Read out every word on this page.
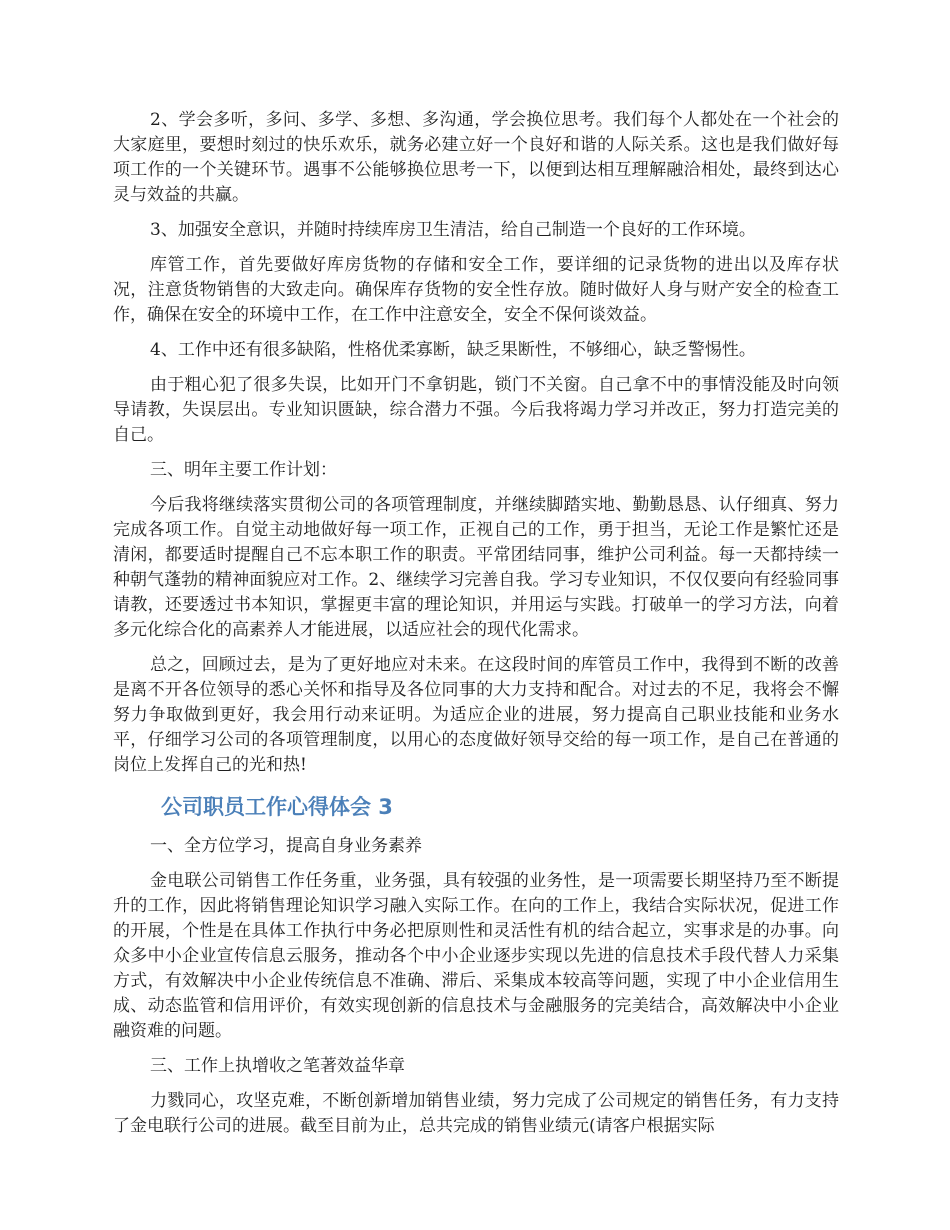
2、学会多听，多问、多学、多想、多沟通，学会换位思考。我们每个人都处在一个社会的大家庭里，要想时刻过的快乐欢乐，就务必建立好一个良好和谐的人际关系。这也是我们做好每项工作的一个关键环节。遇事不公能够换位思考一下，以便到达相互理解融洽相处，最终到达心灵与效益的共赢。

3、加强安全意识，并随时持续库房卫生清洁，给自己制造一个良好的工作环境。

库管工作，首先要做好库房货物的存储和安全工作，要详细的记录货物的进出以及库存状况，注意货物销售的大致走向。确保库存货物的安全性存放。随时做好人身与财产安全的检查工作，确保在安全的环境中工作，在工作中注意安全，安全不保何谈效益。

4、工作中还有很多缺陷，性格优柔寡断，缺乏果断性，不够细心，缺乏警惕性。

由于粗心犯了很多失误，比如开门不拿钥匙，锁门不关窗。自己拿不中的事情没能及时向领导请教，失误层出。专业知识匮缺，综合潜力不强。今后我将竭力学习并改正，努力打造完美的自己。

三、明年主要工作计划：

今后我将继续落实贯彻公司的各项管理制度，并继续脚踏实地、勤勤恳恳、认仔细真、努力完成各项工作。自觉主动地做好每一项工作，正视自己的工作，勇于担当，无论工作是繁忙还是清闲，都要适时提醒自己不忘本职工作的职责。平常团结同事，维护公司利益。每一天都持续一种朝气蓬勃的精神面貌应对工作。2、继续学习完善自我。学习专业知识，不仅仅要向有经验同事请教，还要透过书本知识，掌握更丰富的理论知识，并用运与实践。打破单一的学习方法，向着多元化综合化的高素养人才能进展，以适应社会的现代化需求。

总之，回顾过去，是为了更好地应对未来。在这段时间的库管员工作中，我得到不断的改善是离不开各位领导的悉心关怀和指导及各位同事的大力支持和配合。对过去的不足，我将会不懈努力争取做到更好，我会用行动来证明。为适应企业的进展，努力提高自己职业技能和业务水平，仔细学习公司的各项管理制度，以用心的态度做好领导交给的每一项工作，是自己在普通的岗位上发挥自己的光和热!

公司职员工作心得体会 3

一、全方位学习，提高自身业务素养

金电联公司销售工作任务重，业务强，具有较强的业务性，是一项需要长期坚持乃至不断提升的工作，因此将销售理论知识学习融入实际工作。在向的工作上，我结合实际状况，促进工作的开展，个性是在具体工作执行中务必把原则性和灵活性有机的结合起立，实事求是的办事。向众多中小企业宣传信息云服务，推动各个中小企业逐步实现以先进的信息技术手段代替人力采集方式，有效解决中小企业传统信息不准确、滞后、采集成本较高等问题，实现了中小企业信用生成、动态监管和信用评价，有效实现创新的信息技术与金融服务的完美结合，高效解决中小企业融资难的问题。

三、工作上执增收之笔著效益华章

力戮同心，攻坚克难，不断创新增加销售业绩，努力完成了公司规定的销售任务，有力支持了金电联行公司的进展。截至目前为止，总共完成的销售业绩元(请客户根据实际
